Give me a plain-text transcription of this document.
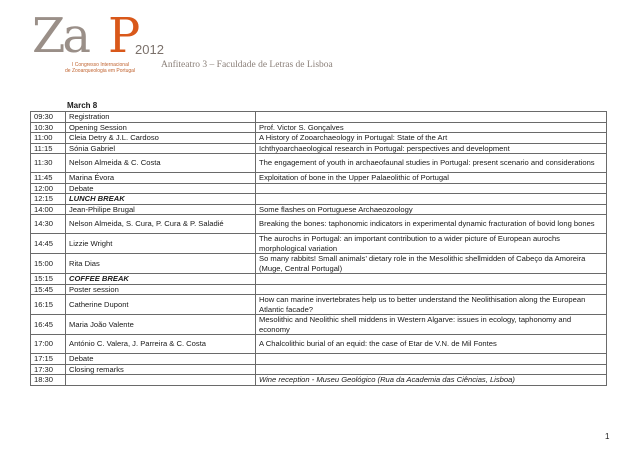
Za P
2012
I Congresso Internacional
de Zooarqueologia em Portugal
Anfiteatro 3 – Faculdade de Letras de Lisboa
March 8
09:30	Registration	
10:30	Opening Session	Prof. Victor S. Gonçalves
11:00	Cleia Detry & J.L. Cardoso	A History of Zooarchaeology in Portugal: State of the Art
11:15	Sónia Gabriel	Ichthyoarchaeological research in Portugal: perspectives and development
11:30	Nelson Almeida & C. Costa	The engagement of youth in archaeofaunal studies in Portugal: present scenario and considerations
11:45	Marina Évora	Exploitation of bone in the Upper Palaeolithic of Portugal
12:00	Debate	
12:15	LUNCH BREAK	
14:00	Jean-Philipe Brugal	Some flashes on Portuguese Archaeozoology
14:30	Nelson Almeida, S. Cura, P. Cura & P. Saladié	Breaking the bones: taphonomic indicators in experimental dynamic fracturation of bovid long bones
14:45	Lizzie Wright	The aurochs in Portugal: an important contribution to a wider picture of European aurochs morphological variation
15:00	Rita Dias	So many rabbits! Small animals’ dietary role in the Mesolithic shellmidden of Cabeço da Amoreira (Muge, Central Portugal)
15:15	COFFEE BREAK	
15:45	Poster session	
16:15	Catherine Dupont	How can marine invertebrates help us to better understand the Neolithisation along the European Atlantic facade?
16:45	Maria João Valente	Mesolithic and Neolithic shell middens in Western Algarve: issues in ecology, taphonomy and economy
17:00	António C. Valera, J. Parreira & C. Costa	A Chalcolithic burial of an equid: the case of Etar de V.N. de Mil Fontes
17:15	Debate	
17:30	Closing remarks	
18:30		Wine reception - Museu Geológico (Rua da Academia das Ciências, Lisboa)
1
